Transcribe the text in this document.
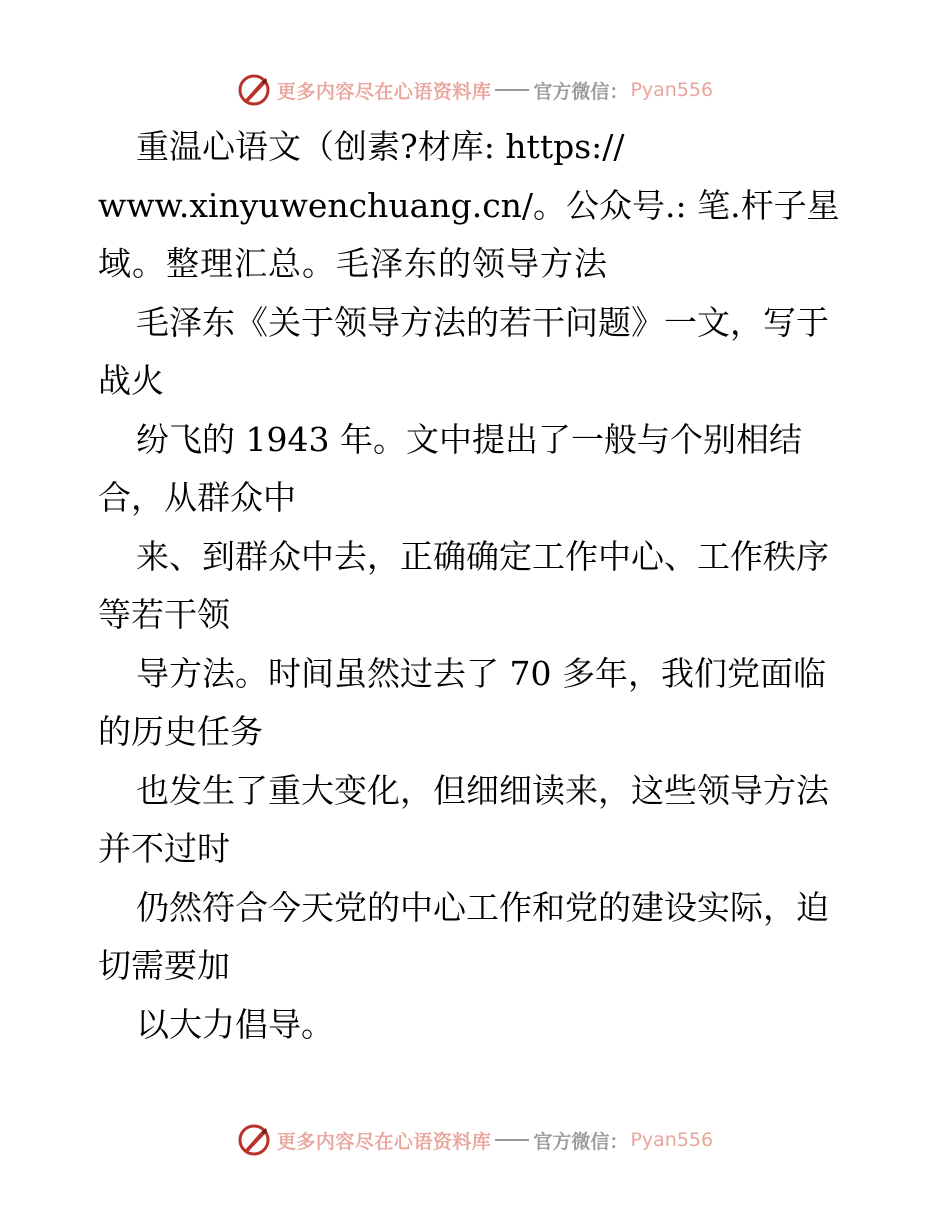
更多内容尽在心语资料库 官方微信： Pyan556
重温心语文（创素?材库: https://
www.xinyuwenchuang.cn/。公众号.: 笔.杆子星
域。整理汇总。毛泽东的领导方法
毛泽东《关于领导方法的若干问题》一文，写于
战火
纷飞的 1943 年。文中提出了一般与个别相结
合，从群众中
来、到群众中去，正确确定工作中心、工作秩序
等若干领
导方法。时间虽然过去了 70 多年，我们党面临
的历史任务
也发生了重大变化，但细细读来，这些领导方法
并不过时
仍然符合今天党的中心工作和党的建设实际，迫
切需要加
以大力倡导。
更多内容尽在心语资料库 官方微信： Pyan556
